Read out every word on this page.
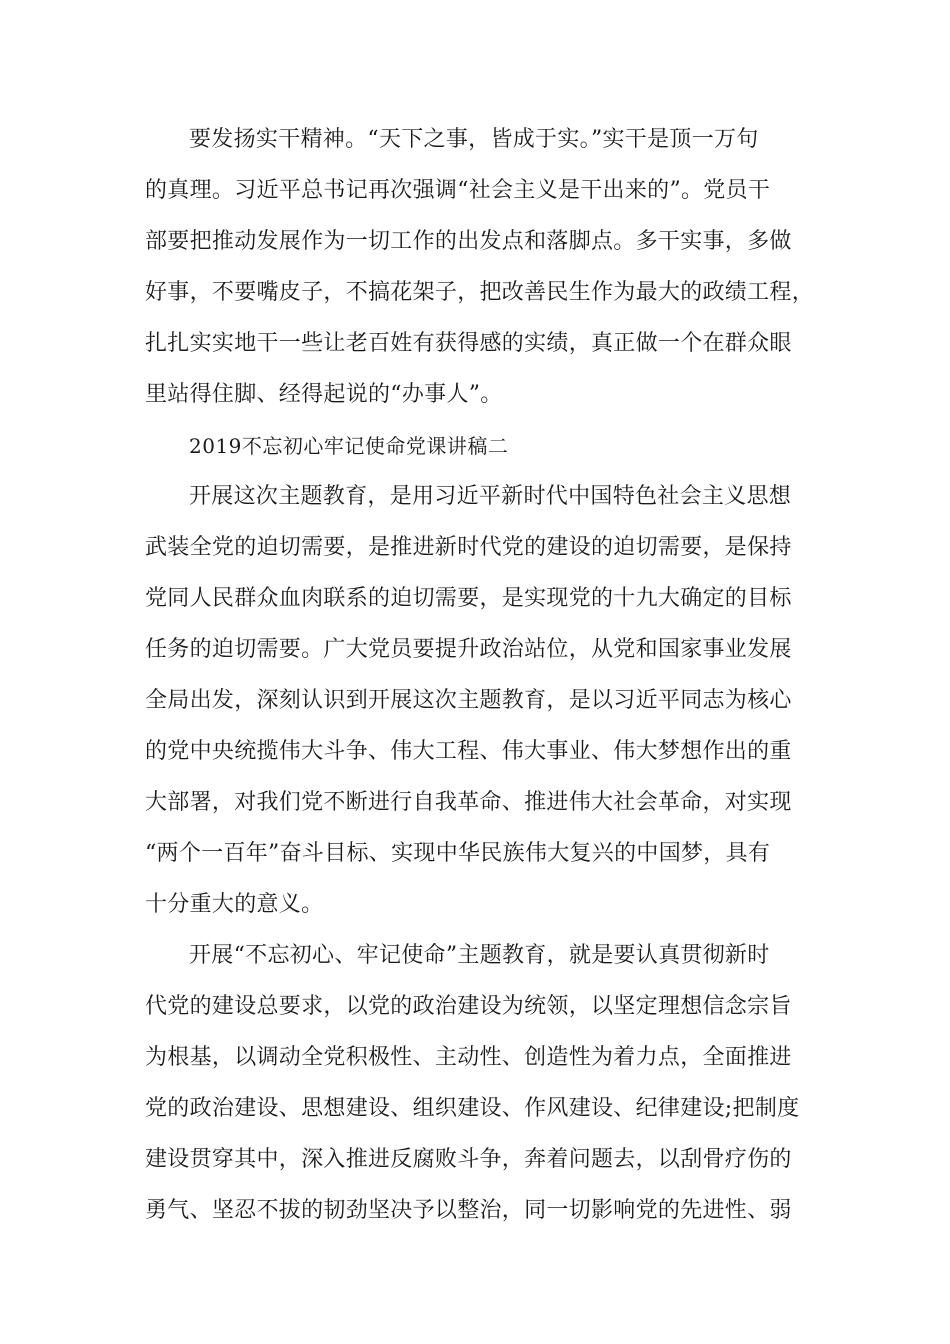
要发扬实干精神。“天下之事，皆成于实。”实干是顶一万句
的真理。习近平总书记再次强调“社会主义是干出来的”。党员干
部要把推动发展作为一切工作的出发点和落脚点。多干实事，多做
好事，不要嘴皮子，不搞花架子，把改善民生作为最大的政绩工程，
扎扎实实地干一些让老百姓有获得感的实绩，真正做一个在群众眼
里站得住脚、经得起说的“办事人”。
2019不忘初心牢记使命党课讲稿二
开展这次主题教育，是用习近平新时代中国特色社会主义思想
武装全党的迫切需要，是推进新时代党的建设的迫切需要，是保持
党同人民群众血肉联系的迫切需要，是实现党的十九大确定的目标
任务的迫切需要。广大党员要提升政治站位，从党和国家事业发展
全局出发，深刻认识到开展这次主题教育，是以习近平同志为核心
的党中央统揽伟大斗争、伟大工程、伟大事业、伟大梦想作出的重
大部署，对我们党不断进行自我革命、推进伟大社会革命，对实现
“两个一百年”奋斗目标、实现中华民族伟大复兴的中国梦，具有
十分重大的意义。
开展“不忘初心、牢记使命”主题教育，就是要认真贯彻新时
代党的建设总要求，以党的政治建设为统领，以坚定理想信念宗旨
为根基，以调动全党积极性、主动性、创造性为着力点，全面推进
党的政治建设、思想建设、组织建设、作风建设、纪律建设;把制度
建设贯穿其中，深入推进反腐败斗争，奔着问题去，以刮骨疗伤的
勇气、坚忍不拔的韧劲坚决予以整治，同一切影响党的先进性、弱
